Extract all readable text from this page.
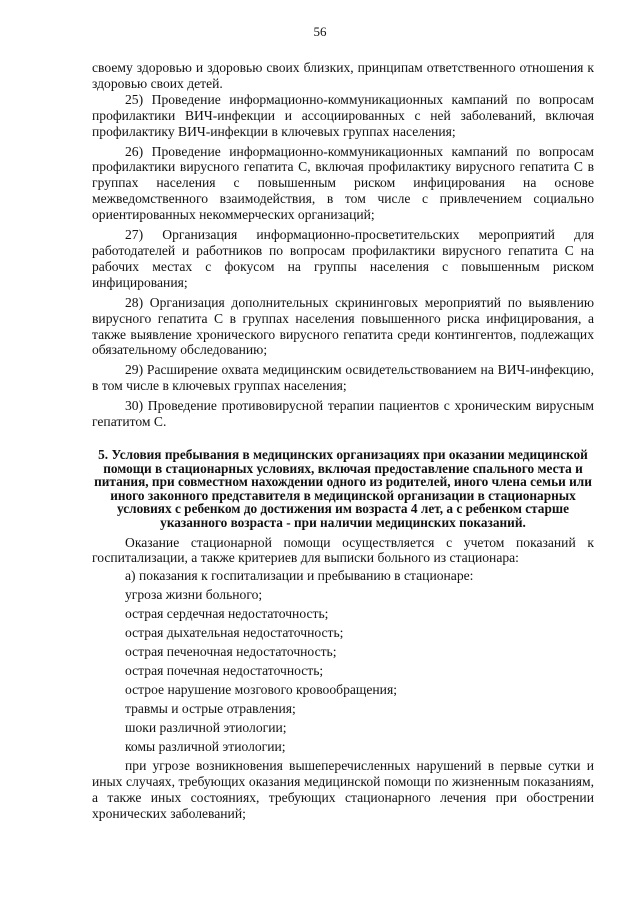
56

своему здоровью и здоровью своих близких, принципам ответственного отношения к здоровью своих детей.

25) Проведение информационно-коммуникационных кампаний по вопросам профилактики ВИЧ-инфекции и ассоциированных с ней заболеваний, включая профилактику ВИЧ-инфекции в ключевых группах населения;

26) Проведение информационно-коммуникационных кампаний по вопросам профилактики вирусного гепатита С, включая профилактику вирусного гепатита С в группах населения с повышенным риском инфицирования на основе межведомственного взаимодействия, в том числе с привлечением социально ориентированных некоммерческих организаций;

27) Организация информационно-просветительских мероприятий для работодателей и работников по вопросам профилактики вирусного гепатита С на рабочих местах с фокусом на группы населения с повышенным риском инфицирования;

28) Организация дополнительных скрининговых мероприятий по выявлению вирусного гепатита С в группах населения повышенного риска инфицирования, а также выявление хронического вирусного гепатита среди контингентов, подлежащих обязательному обследованию;

29) Расширение охвата медицинским освидетельствованием на ВИЧ-инфекцию, в том числе в ключевых группах населения;

30) Проведение противовирусной терапии пациентов с хроническим вирусным гепатитом С.

5. Условия пребывания в медицинских организациях при оказании медицинской помощи в стационарных условиях, включая предоставление спального места и питания, при совместном нахождении одного из родителей, иного члена семьи или иного законного представителя в медицинской организации в стационарных условиях с ребенком до достижения им возраста 4 лет, а с ребенком старше указанного возраста - при наличии медицинских показаний.

Оказание стационарной помощи осуществляется с учетом показаний к госпитализации, а также критериев для выписки больного из стационара:

а) показания к госпитализации и пребыванию в стационаре:

угроза жизни больного;

острая сердечная недостаточность;

острая дыхательная недостаточность;

острая печеночная недостаточность;

острая почечная недостаточность;

острое нарушение мозгового кровообращения;

травмы и острые отравления;

шоки различной этиологии;

комы различной этиологии;

при угрозе возникновения вышеперечисленных нарушений в первые сутки и иных случаях, требующих оказания медицинской помощи по жизненным показаниям, а также иных состояниях, требующих стационарного лечения при обострении хронических заболеваний;
